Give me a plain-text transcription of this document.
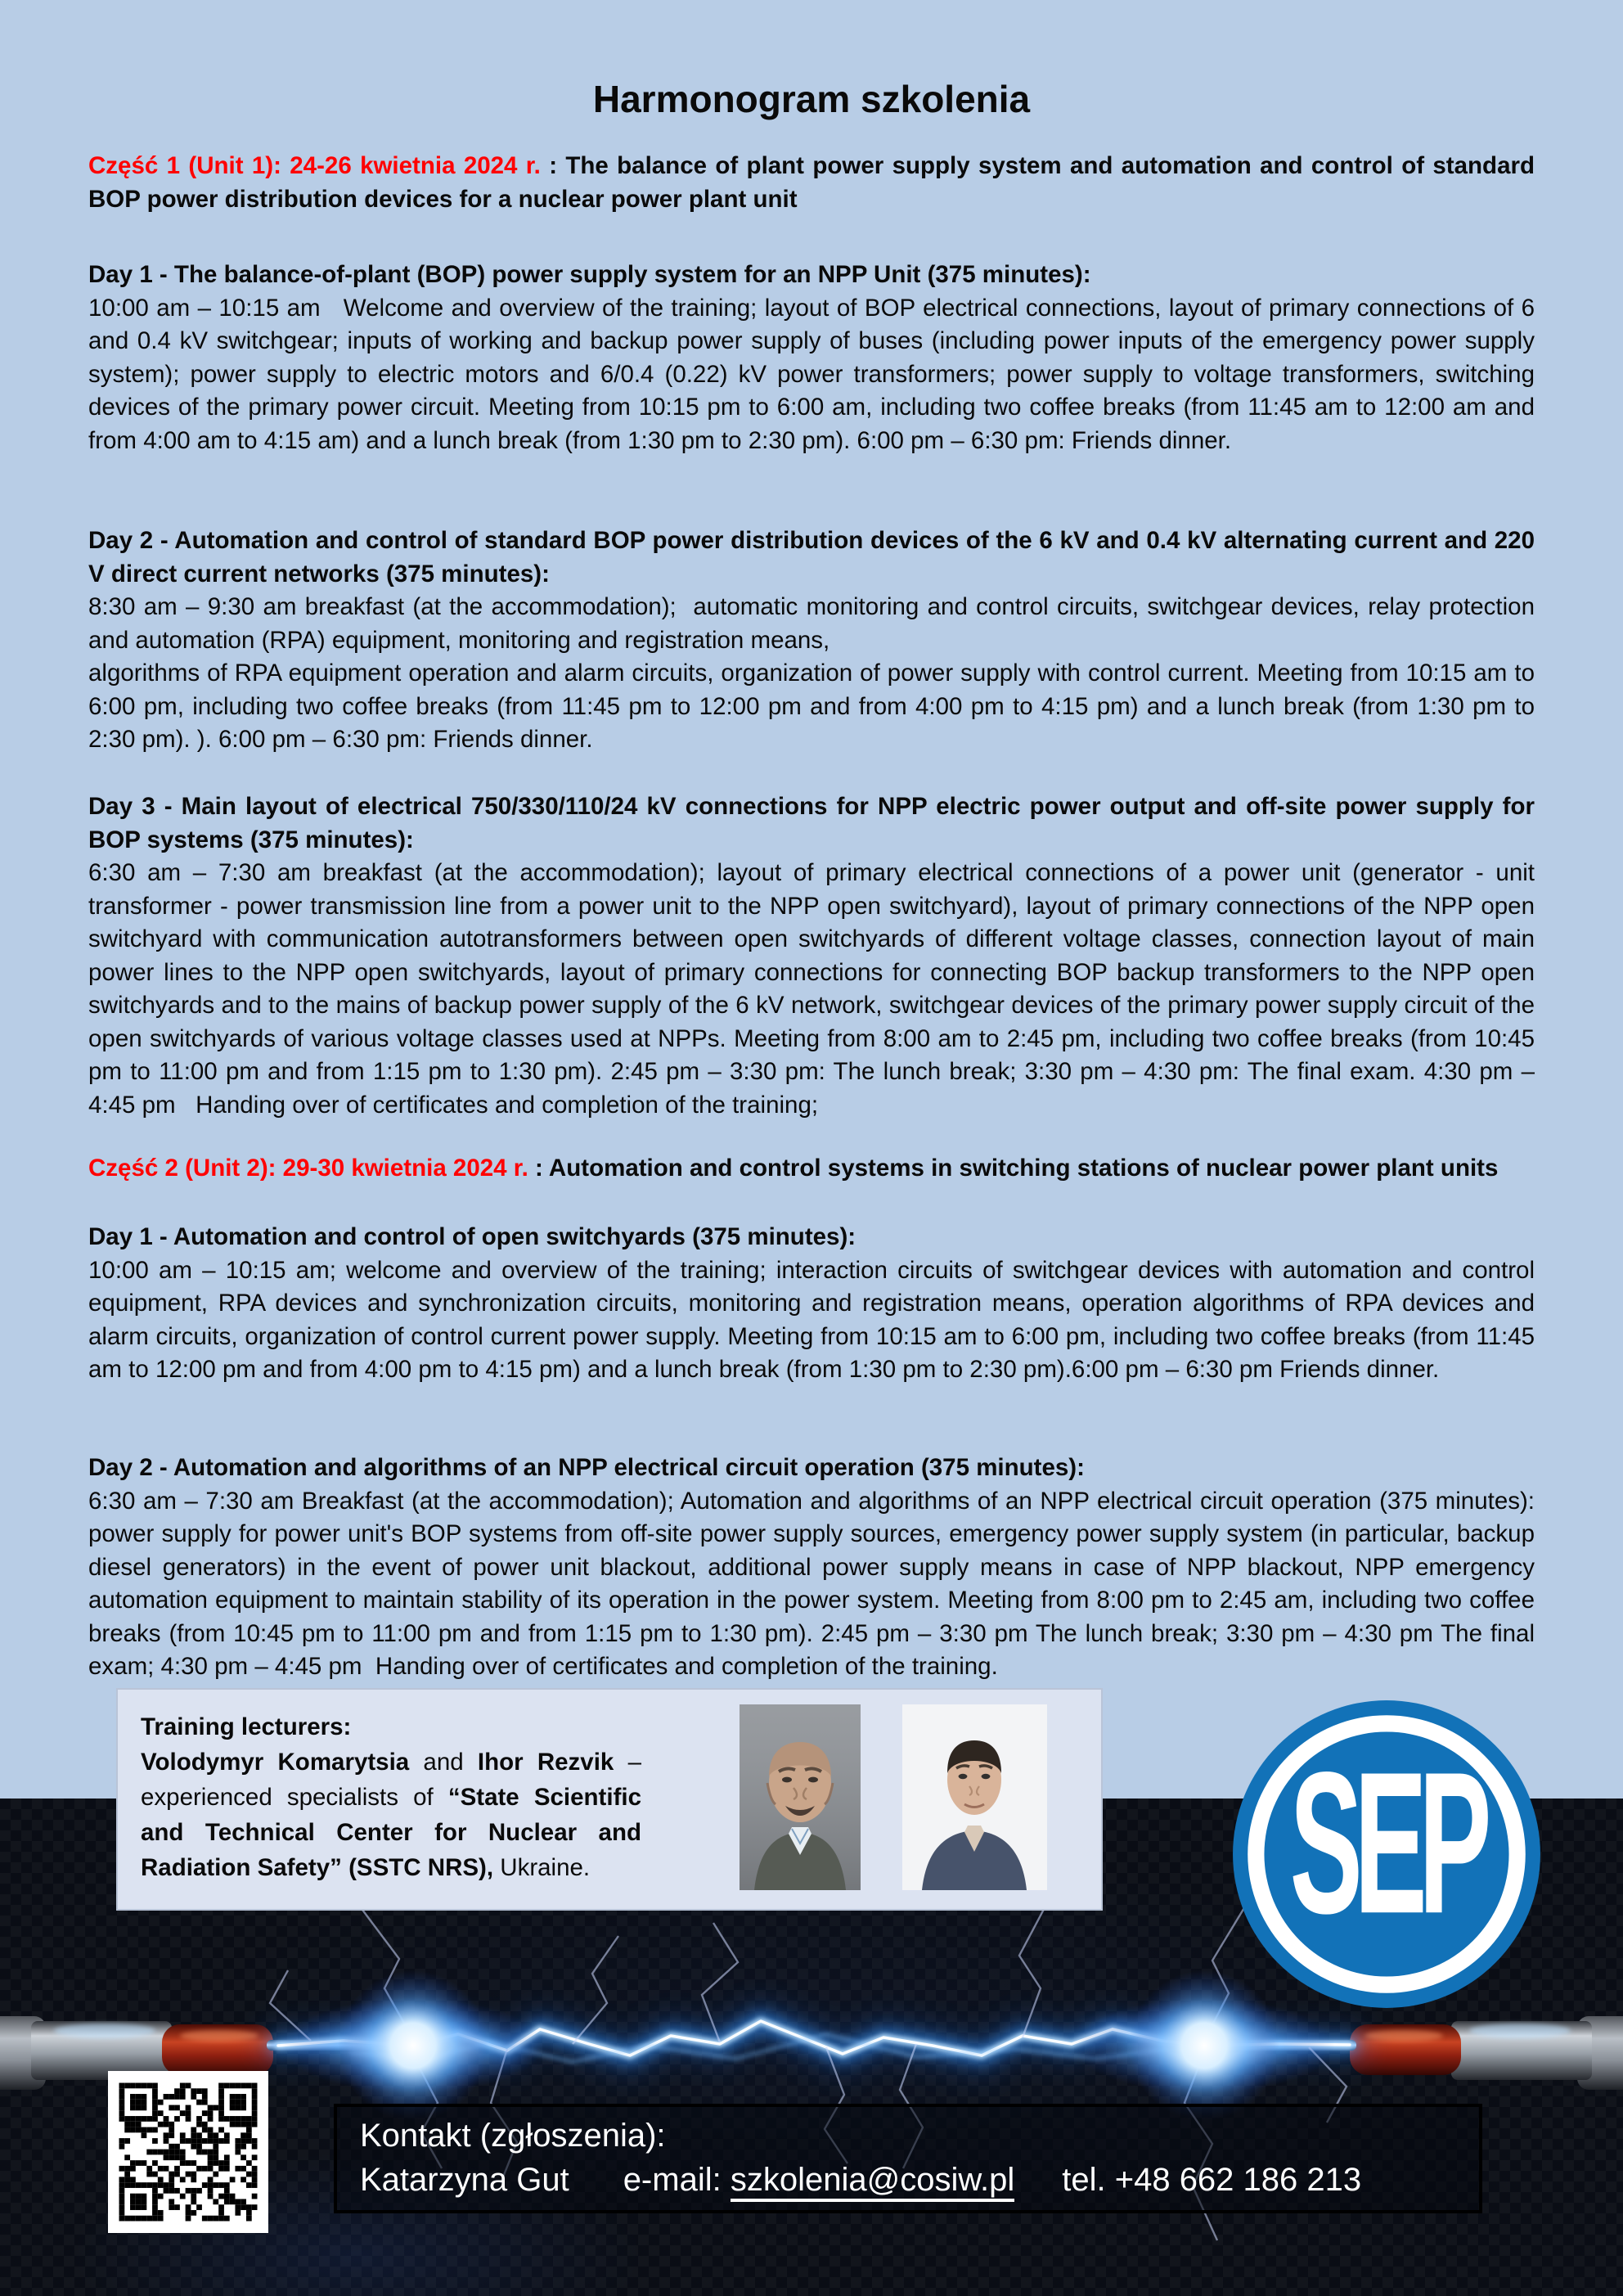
Harmonogram szkolenia
Część 1 (Unit 1): 24-26 kwietnia 2024 r. : The balance of plant power supply system and automation and control of standard BOP power distribution devices for a nuclear power plant unit
Day 1 - The balance-of-plant (BOP) power supply system for an NPP Unit (375 minutes):
10:00 am – 10:15 am   Welcome and overview of the training; layout of BOP electrical connections, layout of primary connections of 6 and 0.4 kV switchgear; inputs of working and backup power supply of buses (including power inputs of the emergency power supply system); power supply to electric motors and 6/0.4 (0.22) kV power transformers; power supply to voltage transformers, switching devices of the primary power circuit. Meeting from 10:15 pm to 6:00 am, including two coffee breaks (from 11:45 am to 12:00 am and from 4:00 am to 4:15 am) and a lunch break (from 1:30 pm to 2:30 pm). 6:00 pm – 6:30 pm: Friends dinner.
Day 2 - Automation and control of standard BOP power distribution devices of the 6 kV and 0.4 kV alternating current and 220 V direct current networks (375 minutes):
8:30 am – 9:30 am breakfast (at the accommodation);  automatic monitoring and control circuits, switchgear devices, relay protection and automation (RPA) equipment, monitoring and registration means,
algorithms of RPA equipment operation and alarm circuits, organization of power supply with control current. Meeting from 10:15 am to 6:00 pm, including two coffee breaks (from 11:45 pm to 12:00 pm and from 4:00 pm to 4:15 pm) and a lunch break (from 1:30 pm to 2:30 pm). ). 6:00 pm – 6:30 pm: Friends dinner.
Day 3 - Main layout of electrical 750/330/110/24 kV connections for NPP electric power output and off-site power supply for BOP systems (375 minutes):
6:30 am – 7:30 am breakfast (at the accommodation); layout of primary electrical connections of a power unit (generator - unit transformer - power transmission line from a power unit to the NPP open switchyard), layout of primary connections of the NPP open switchyard with communication autotransformers between open switchyards of different voltage classes, connection layout of main power lines to the NPP open switchyards, layout of primary connections for connecting BOP backup transformers to the NPP open switchyards and to the mains of backup power supply of the 6 kV network, switchgear devices of the primary power supply circuit of the open switchyards of various voltage classes used at NPPs. Meeting from 8:00 am to 2:45 pm, including two coffee breaks (from 10:45 pm to 11:00 pm and from 1:15 pm to 1:30 pm). 2:45 pm – 3:30 pm: The lunch break; 3:30 pm – 4:30 pm: The final exam. 4:30 pm – 4:45 pm   Handing over of certificates and completion of the training;
Część 2 (Unit 2): 29-30 kwietnia 2024 r. : Automation and control systems in switching stations of nuclear power plant units
Day 1 - Automation and control of open switchyards (375 minutes):
10:00 am – 10:15 am; welcome and overview of the training; interaction circuits of switchgear devices with automation and control equipment, RPA devices and synchronization circuits, monitoring and registration means, operation algorithms of RPA devices and alarm circuits, organization of control current power supply. Meeting from 10:15 am to 6:00 pm, including two coffee breaks (from 11:45 am to 12:00 pm and from 4:00 pm to 4:15 pm) and a lunch break (from 1:30 pm to 2:30 pm).6:00 pm – 6:30 pm Friends dinner.
Day 2 - Automation and algorithms of an NPP electrical circuit operation (375 minutes):
6:30 am – 7:30 am Breakfast (at the accommodation); Automation and algorithms of an NPP electrical circuit operation (375 minutes): power supply for power unit's BOP systems from off-site power supply sources, emergency power supply system (in particular, backup diesel generators) in the event of power unit blackout, additional power supply means in case of NPP blackout, NPP emergency automation equipment to maintain stability of its operation in the power system. Meeting from 8:00 pm to 2:45 am, including two coffee breaks (from 10:45 pm to 11:00 pm and from 1:15 pm to 1:30 pm). 2:45 pm – 3:30 pm The lunch break; 3:30 pm – 4:30 pm The final exam; 4:30 pm – 4:45 pm  Handing over of certificates and completion of the training.
Training lecturers:
Volodymyr Komarytsia and Ihor Rezvik – experienced specialists of “State Scientific and Technical Center for Nuclear and Radiation Safety” (SSTC NRS), Ukraine.	SEP
Kontakt (zgłoszenia):
Katarzyna Gut e-mail: szkolenia@cosiw.pl tel. +48 662 186 213
